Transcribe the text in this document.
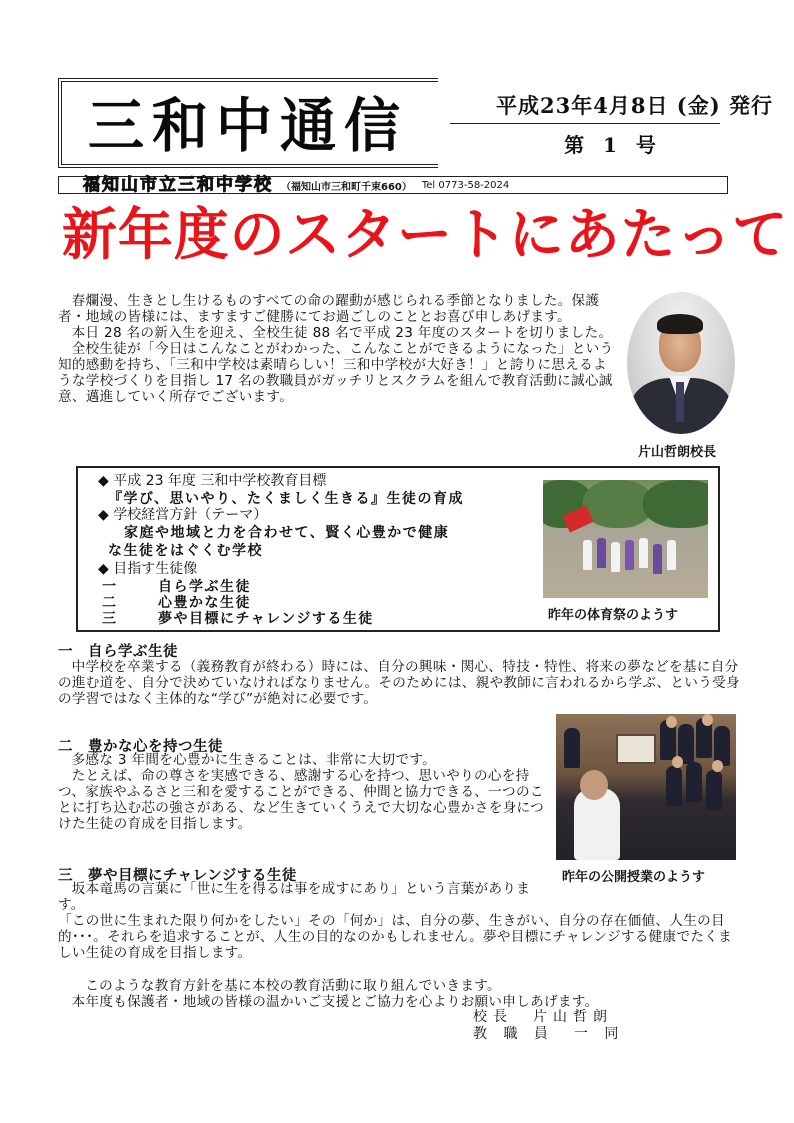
三和中通信	平成23年4月8日 (金) 発行
第 1 号
福知山市立三和中学校 （福知山市三和町千束660） Tel 0773-58-2024
新年度のスタートにあたって

春爛漫、生きとし生けるものすべての命の躍動が感じられる季節となりました。保護者・地域の皆様には、ますますご健勝にてお過ごしのこととお喜び申しあげます。

本日 28 名の新入生を迎え、全校生徒 88 名で平成 23 年度のスタートを切りました。

全校生徒が「今日はこんなことがわかった、こんなことができるようになった」という知的感動を持ち、「三和中学校は素晴らしい！三和中学校が大好き！」と誇りに思えるような学校づくりを目指し 17 名の教職員がガッチリとスクラムを組んで教育活動に誠心誠意、邁進していく所存でございます。

片山哲朗校長
◆ 平成 23 年度 三和中学校教育目標
『学び、思いやり、たくましく生きる』生徒の育成
◆ 学校経営方針（テーマ）
家庭や地域と力を合わせて、賢く心豊かで健康
な生徒をはぐくむ学校
◆ 目指す生徒像
一	自ら学ぶ生徒
二	心豊かな生徒
三	夢や目標にチャレンジする生徒	昨年の体育祭のようす
一　自ら学ぶ生徒

中学校を卒業する（義務教育が終わる）時には、自分の興味・関心、特技・特性、将来の夢などを基に自分の進む道を、自分で決めていなければなりません。そのためには、親や教師に言われるから学ぶ、という受身の学習ではなく主体的な“学び”が絶対に必要です。

二　豊かな心を持つ生徒

多感な 3 年間を心豊かに生きることは、非常に大切です。

たとえば、命の尊さを実感できる、感謝する心を持つ、思いやりの心を持つ、家族やふるさと三和を愛することができる、仲間と協力できる、一つのことに打ち込む芯の強さがある、など生きていくうえで大切な心豊かさを身につけた生徒の育成を目指します。

昨年の公開授業のようす
三　夢や目標にチャレンジする生徒

坂本竜馬の言葉に「世に生を得るは事を成すにあり」という言葉があります。

「この世に生まれた限り何かをしたい」その「何か」は、自分の夢、生きがい、自分の存在価値、人生の目的･･･。それらを追求することが、人生の目的なのかもしれません。夢や目標にチャレンジする健康でたくましい生徒の育成を目指します。

このような教育方針を基に本校の教育活動に取り組んでいきます。

本年度も保護者・地域の皆様の温かいご支援とご協力を心よりお願い申しあげます。

校長　片山哲朗
教 職 員　一 同
